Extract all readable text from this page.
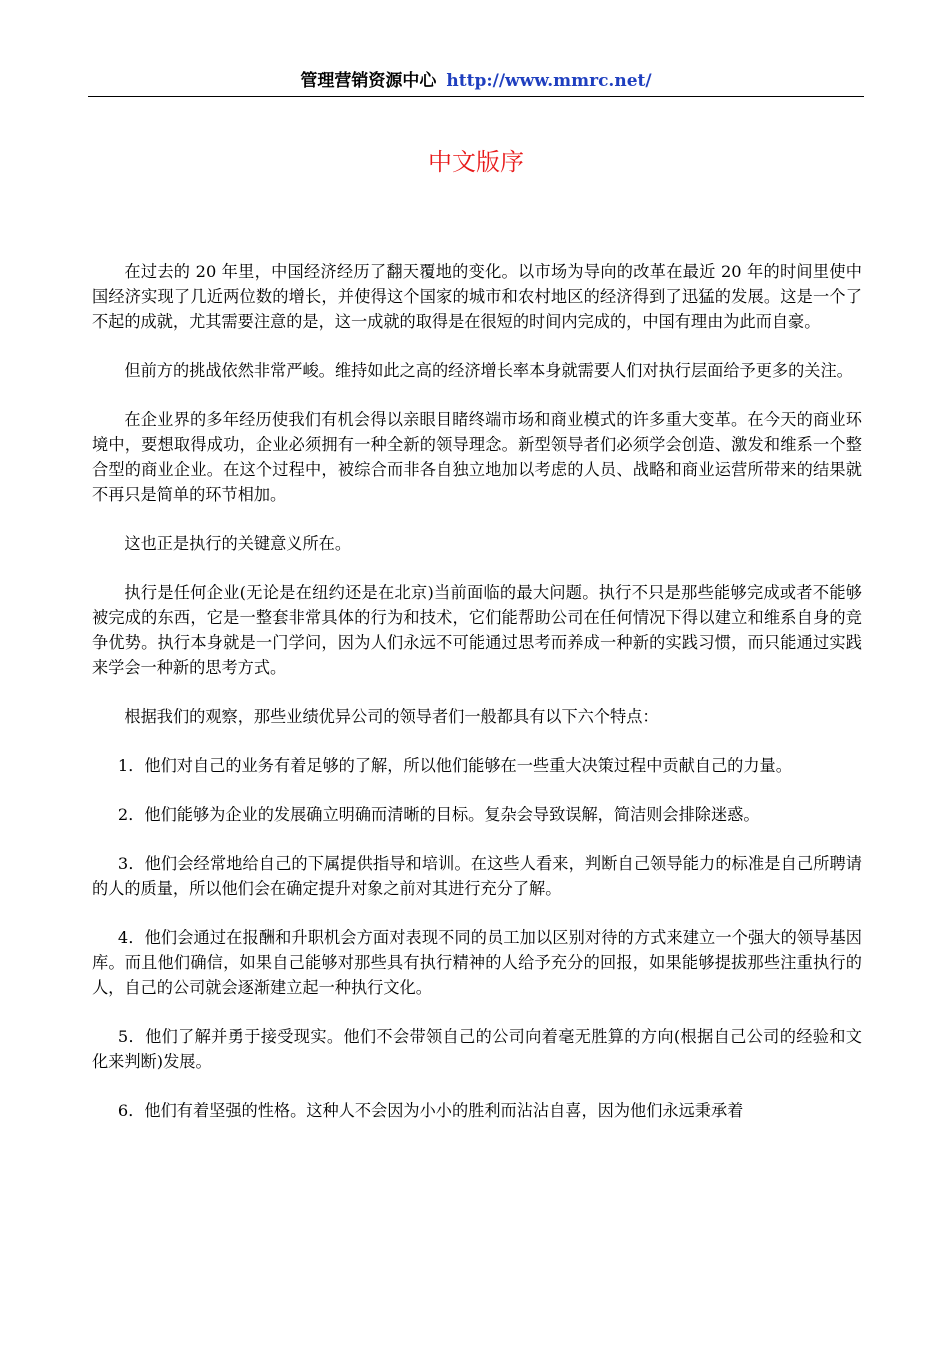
管理营销资源中心 http://www.mmrc.net/
中文版序

在过去的 20 年里，中国经济经历了翻天覆地的变化。以市场为导向的改革在最近 20 年的时间里使中国经济实现了几近两位数的增长，并使得这个国家的城市和农村地区的经济得到了迅猛的发展。这是一个了不起的成就，尤其需要注意的是，这一成就的取得是在很短的时间内完成的，中国有理由为此而自豪。

但前方的挑战依然非常严峻。维持如此之高的经济增长率本身就需要人们对执行层面给予更多的关注。

在企业界的多年经历使我们有机会得以亲眼目睹终端市场和商业模式的许多重大变革。在今天的商业环境中，要想取得成功，企业必须拥有一种全新的领导理念。新型领导者们必须学会创造、激发和维系一个整合型的商业企业。在这个过程中，被综合而非各自独立地加以考虑的人员、战略和商业运营所带来的结果就不再只是简单的环节相加。

这也正是执行的关键意义所在。

执行是任何企业(无论是在纽约还是在北京)当前面临的最大问题。执行不只是那些能够完成或者不能够被完成的东西，它是一整套非常具体的行为和技术，它们能帮助公司在任何情况下得以建立和维系自身的竞争优势。执行本身就是一门学问，因为人们永远不可能通过思考而养成一种新的实践习惯，而只能通过实践来学会一种新的思考方式。

根据我们的观察，那些业绩优异公司的领导者们一般都具有以下六个特点：

1．他们对自己的业务有着足够的了解，所以他们能够在一些重大决策过程中贡献自己的力量。

2．他们能够为企业的发展确立明确而清晰的目标。复杂会导致误解，简洁则会排除迷惑。

3．他们会经常地给自己的下属提供指导和培训。在这些人看来，判断自己领导能力的标准是自己所聘请的人的质量，所以他们会在确定提升对象之前对其进行充分了解。

4．他们会通过在报酬和升职机会方面对表现不同的员工加以区别对待的方式来建立一个强大的领导基因库。而且他们确信，如果自己能够对那些具有执行精神的人给予充分的回报，如果能够提拔那些注重执行的人，自己的公司就会逐渐建立起一种执行文化。

5．他们了解并勇于接受现实。他们不会带领自己的公司向着毫无胜算的方向(根据自己公司的经验和文化来判断)发展。

6．他们有着坚强的性格。这种人不会因为小小的胜利而沾沾自喜，因为他们永远秉承着
